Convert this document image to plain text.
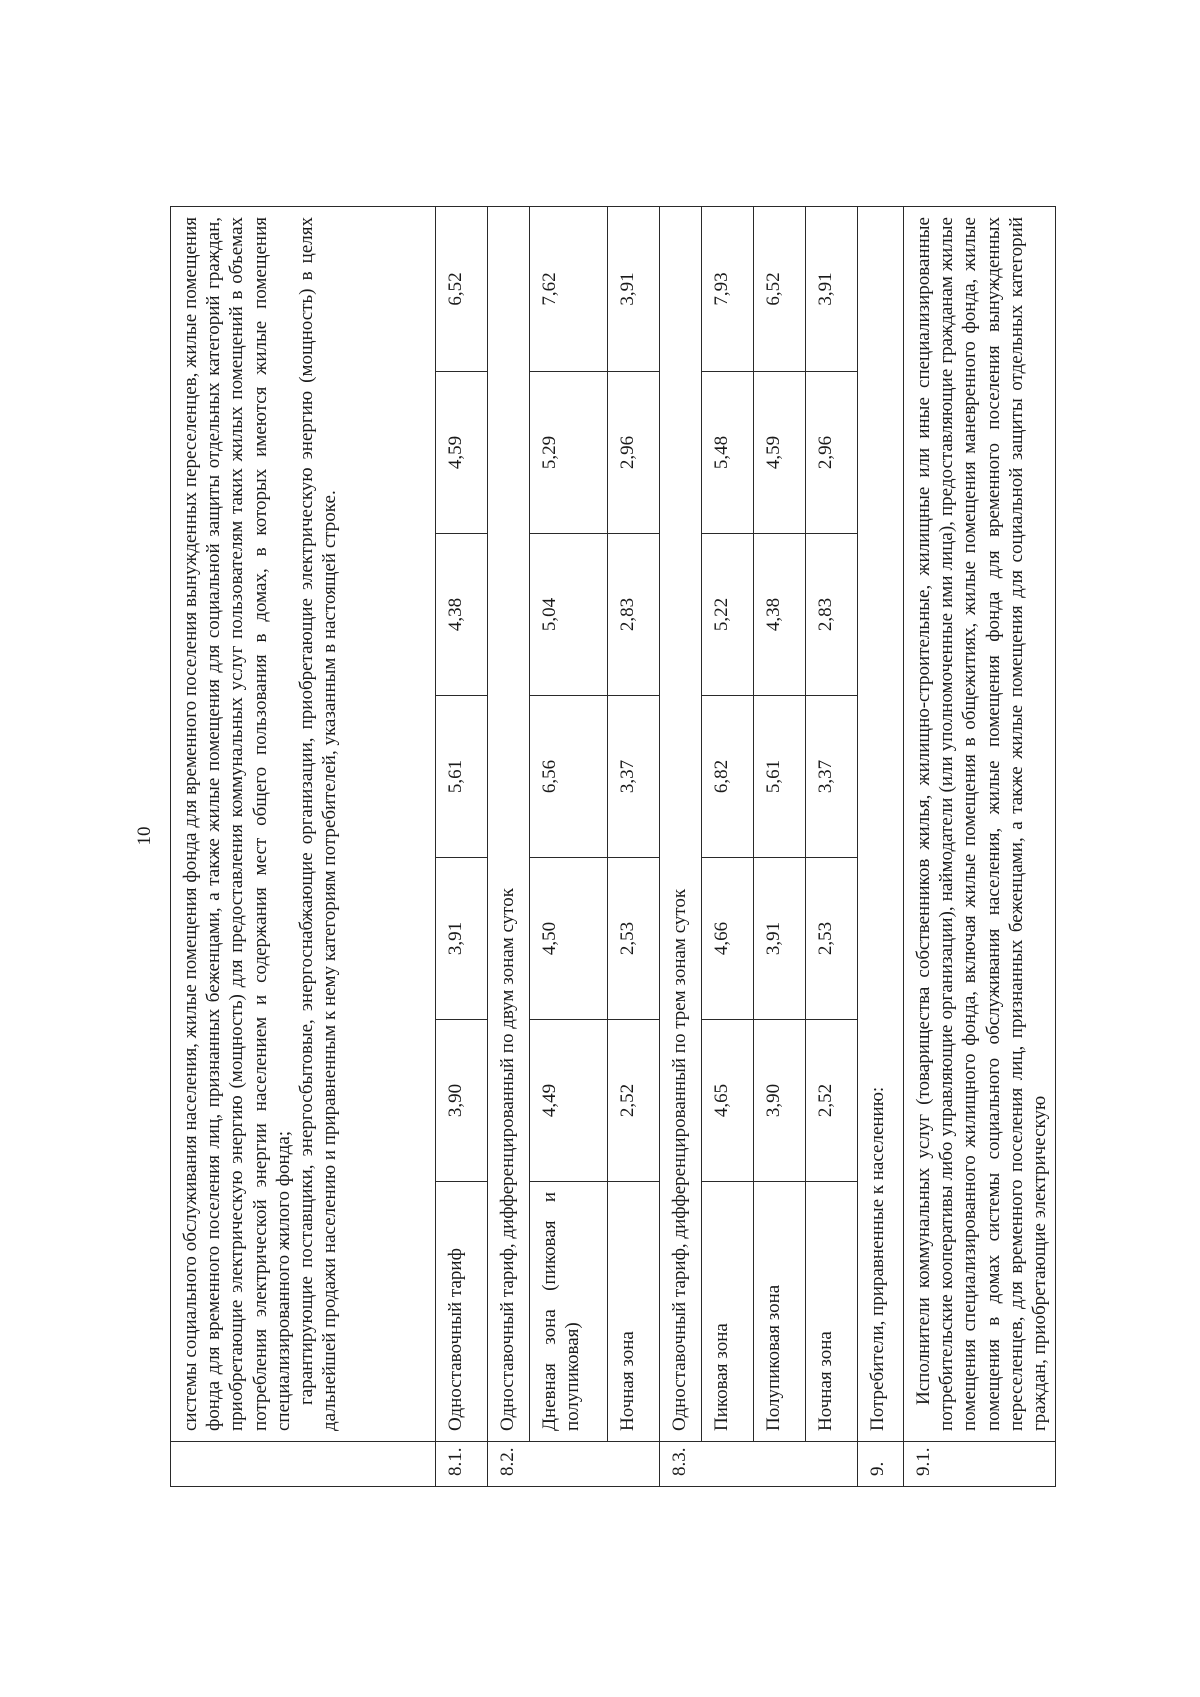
10

	системы социального обслуживания населения, жилые помещения фонда для временного поселения вынужденных переселенцев, жилые помещения фонда для временного поселения лиц, признанных беженцами, а также жилые помещения для социальной защиты отдельных категорий граждан, приобретающие электрическую энергию (мощность) для предоставления коммунальных услуг пользователям таких жилых помещений в объемах потребления электрической энергии населением и содержания мест общего пользования в домах, в которых имеются жилые помещения специализированного жилого фонда; гарантирующие поставщики, энергосбытовые, энергоснабжающие организации, приобретающие электрическую энергию (мощность) в целях дальнейшей продажи населению и приравненным к нему категориям потребителей, указанным в настоящей строке.						

8.1.	Одноставочный тариф	3,90	3,91	5,61	4,38	4,59	6,52
8.2.	Одноставочный тариф, дифференцированный по двум зонам суток						
	Дневная зона (пиковая и полупиковая)	4,49	4,50	6,56	5,04	5,29	7,62
	Ночная зона	2,52	2,53	3,37	2,83	2,96	3,91
8.3.	Одноставочный тариф, дифференцированный по трем зонам суток						
	Пиковая зона	4,65	4,66	6,82	5,22	5,48	7,93
	Полупиковая зона	3,90	3,91	5,61	4,38	4,59	6,52
	Ночная зона	2,52	2,53	3,37	2,83	2,96	3,91
9.	Потребители, приравненные к населению:						
9.1.	Исполнители коммунальных услуг (товарищества собственников жилья, жилищно-строительные, жилищные или иные специализированные потребительские кооперативы либо управляющие организации), наймодатели (или уполномоченные ими лица), предоставляющие гражданам жилые помещения специализированного жилищного фонда, включая жилые помещения в общежитиях, жилые помещения маневренного фонда, жилые помещения в домах системы социального обслуживания населения, жилые помещения фонда для временного поселения вынужденных переселенцев, для временного поселения лиц, признанных беженцами, а также жилые помещения для социальной защиты отдельных категорий граждан, приобретающие электрическую						
